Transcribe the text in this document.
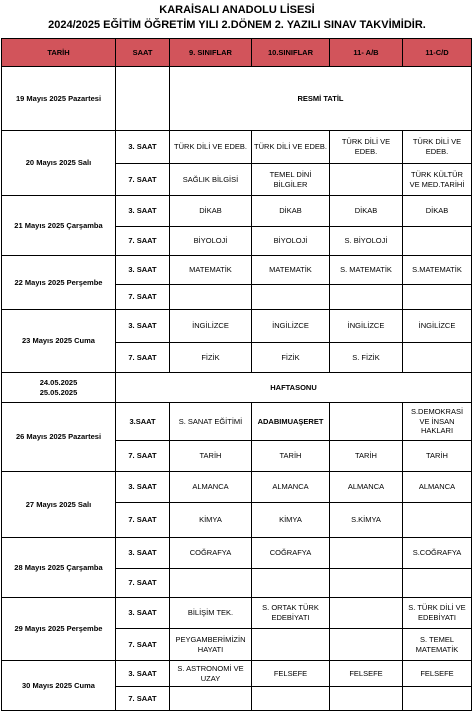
KARAİSALI ANADOLU LİSESİ
2024/2025 EĞİTİM ÖĞRETİM YILI 2.DÖNEM 2. YAZILI SINAV TAKVİMİDİR.
TARİH	SAAT	9. SINIFLAR	10.SINIFLAR	11- A/B	11-C/D

19 Mayıs 2025 Pazartesi		RESMİ TATİL			
20 Mayıs 2025 Salı	3. SAAT	TÜRK DİLİ VE EDEB.	TÜRK DİLİ VE EDEB.	TÜRK DİLİ VE EDEB.	TÜRK DİLİ VE EDEB.
	7. SAAT	SAĞLIK BİLGİSİ	TEMEL DİNİ BİLGİLER		TÜRK KÜLTÜR VE MED.TARİHİ
21 Mayıs 2025 Çarşamba	3. SAAT	DİKAB	DİKAB	DİKAB	DİKAB
	7. SAAT	BİYOLOJİ	BİYOLOJİ	S. BİYOLOJİ	
22 Mayıs 2025 Perşembe	3. SAAT	MATEMATİK	MATEMATİK	S. MATEMATİK	S.MATEMATİK
	7. SAAT				
23 Mayıs 2025 Cuma	3. SAAT	İNGİLİZCE	İNGİLİZCE	İNGİLİZCE	İNGİLİZCE
	7. SAAT	FİZİK	FİZİK	S. FİZİK	

24.05.2025
25.05.2025	HAFTASONU				
26 Mayıs 2025 Pazartesi	3.SAAT	S. SANAT EĞİTİMİ	ADABIMUAŞERET		S.DEMOKRASİ VE İNSAN HAKLARI
	7. SAAT	TARİH	TARİH	TARİH	TARİH
27 Mayıs 2025 Salı	3. SAAT	ALMANCA	ALMANCA	ALMANCA	ALMANCA
	7. SAAT	KİMYA	KİMYA	S.KİMYA	
28 Mayıs 2025 Çarşamba	3. SAAT	COĞRAFYA	COĞRAFYA		S.COĞRAFYA
	7. SAAT				
29 Mayıs 2025 Perşembe	3. SAAT	BİLİŞİM TEK.	S. ORTAK TÜRK EDEBİYATI		S. TÜRK DİLİ VE EDEBİYATI
	7. SAAT	PEYGAMBERİMİZİN HAYATI			S. TEMEL MATEMATİK
30 Mayıs 2025 Cuma	3. SAAT	S. ASTRONOMİ VE UZAY	FELSEFE	FELSEFE	FELSEFE
	7. SAAT				
